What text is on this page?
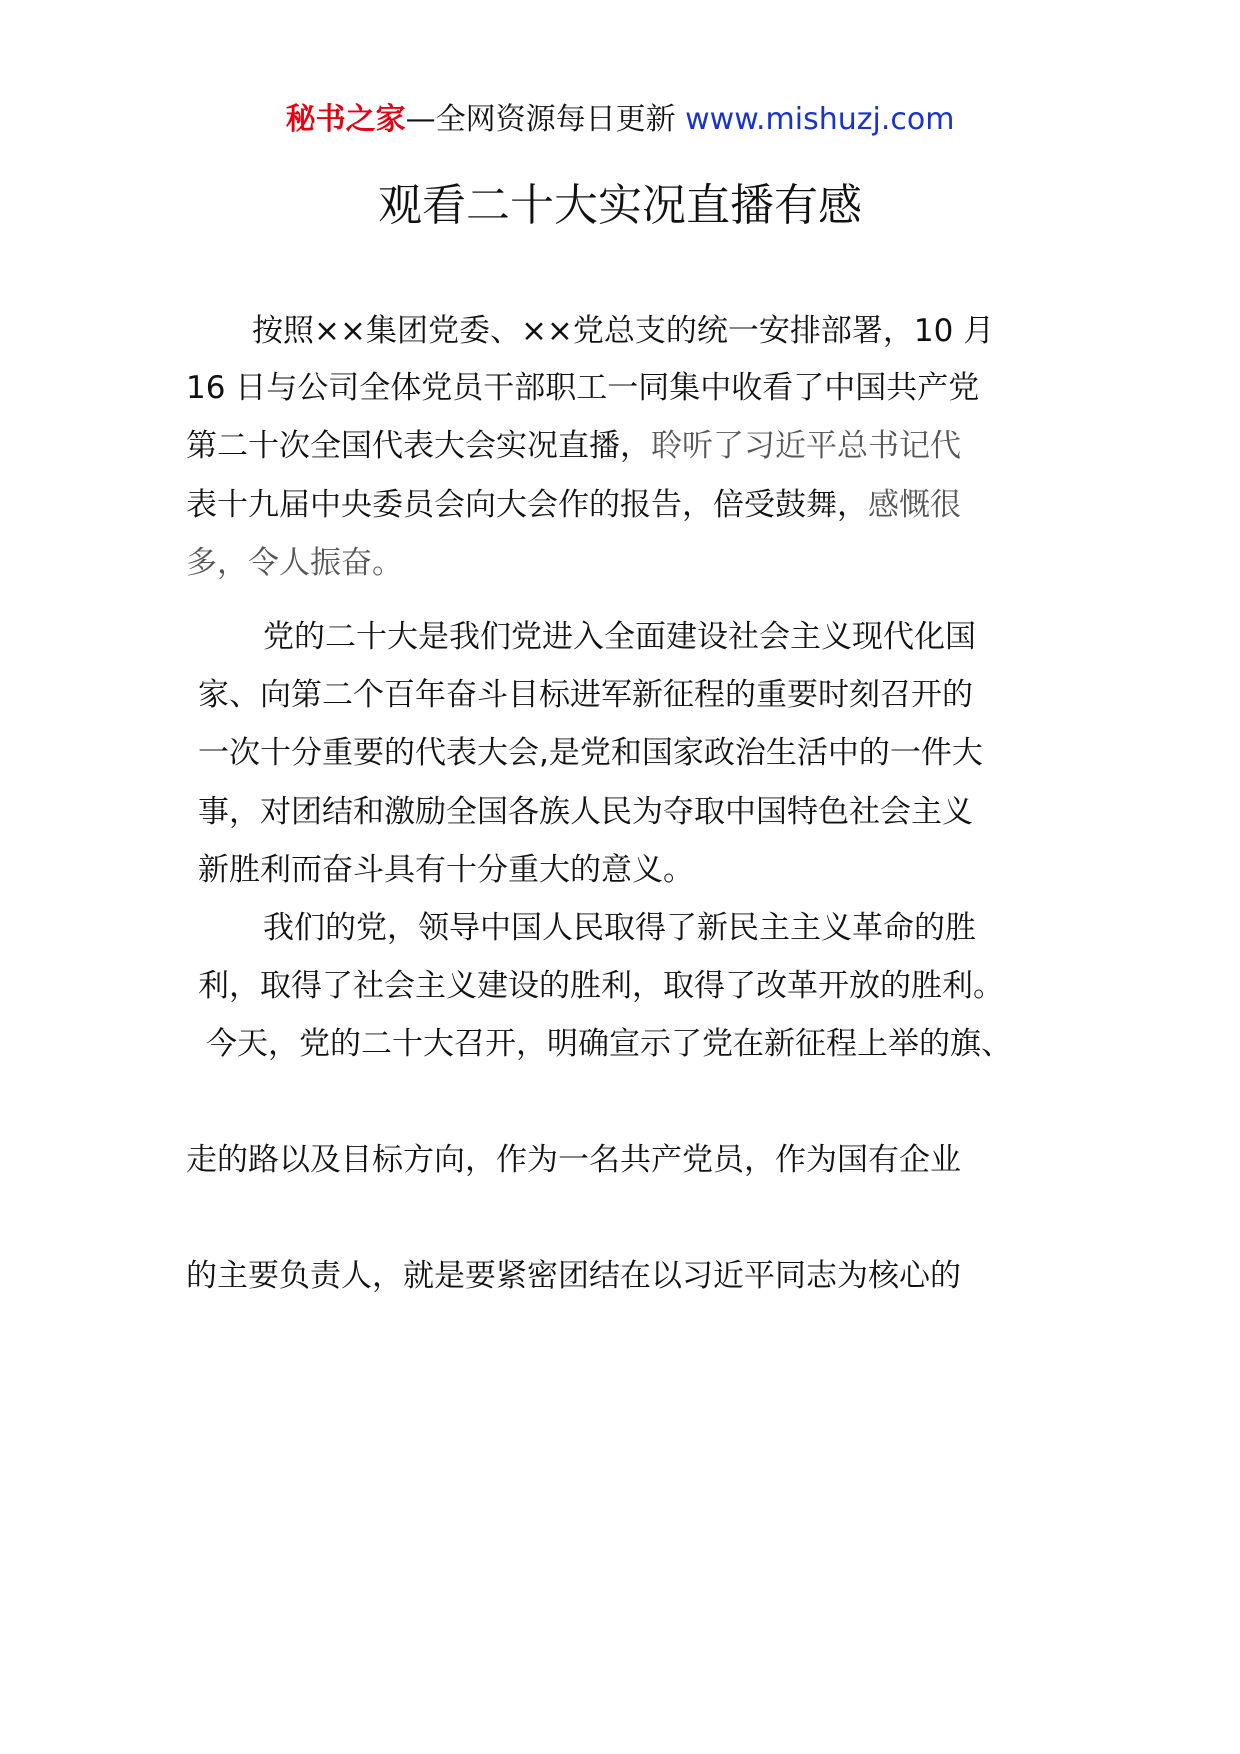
秘书之家—全网资源每日更新 www.mishuzj.com
观看二十大实况直播有感
按照××集团党委、××党总支的统一安排部署，10 月
16 日与公司全体党员干部职工一同集中收看了中国共产党
第二十次全国代表大会实况直播，聆听了习近平总书记代
表十九届中央委员会向大会作的报告，倍受鼓舞，感慨很
多，令人振奋。
党的二十大是我们党进入全面建设社会主义现代化国
家、向第二个百年奋斗目标进军新征程的重要时刻召开的
一次十分重要的代表大会,是党和国家政治生活中的一件大
事，对团结和激励全国各族人民为夺取中国特色社会主义
新胜利而奋斗具有十分重大的意义。
我们的党，领导中国人民取得了新民主主义革命的胜
利，取得了社会主义建设的胜利，取得了改革开放的胜利。
今天，党的二十大召开，明确宣示了党在新征程上举的旗、
走的路以及目标方向，作为一名共产党员，作为国有企业
的主要负责人，就是要紧密团结在以习近平同志为核心的
